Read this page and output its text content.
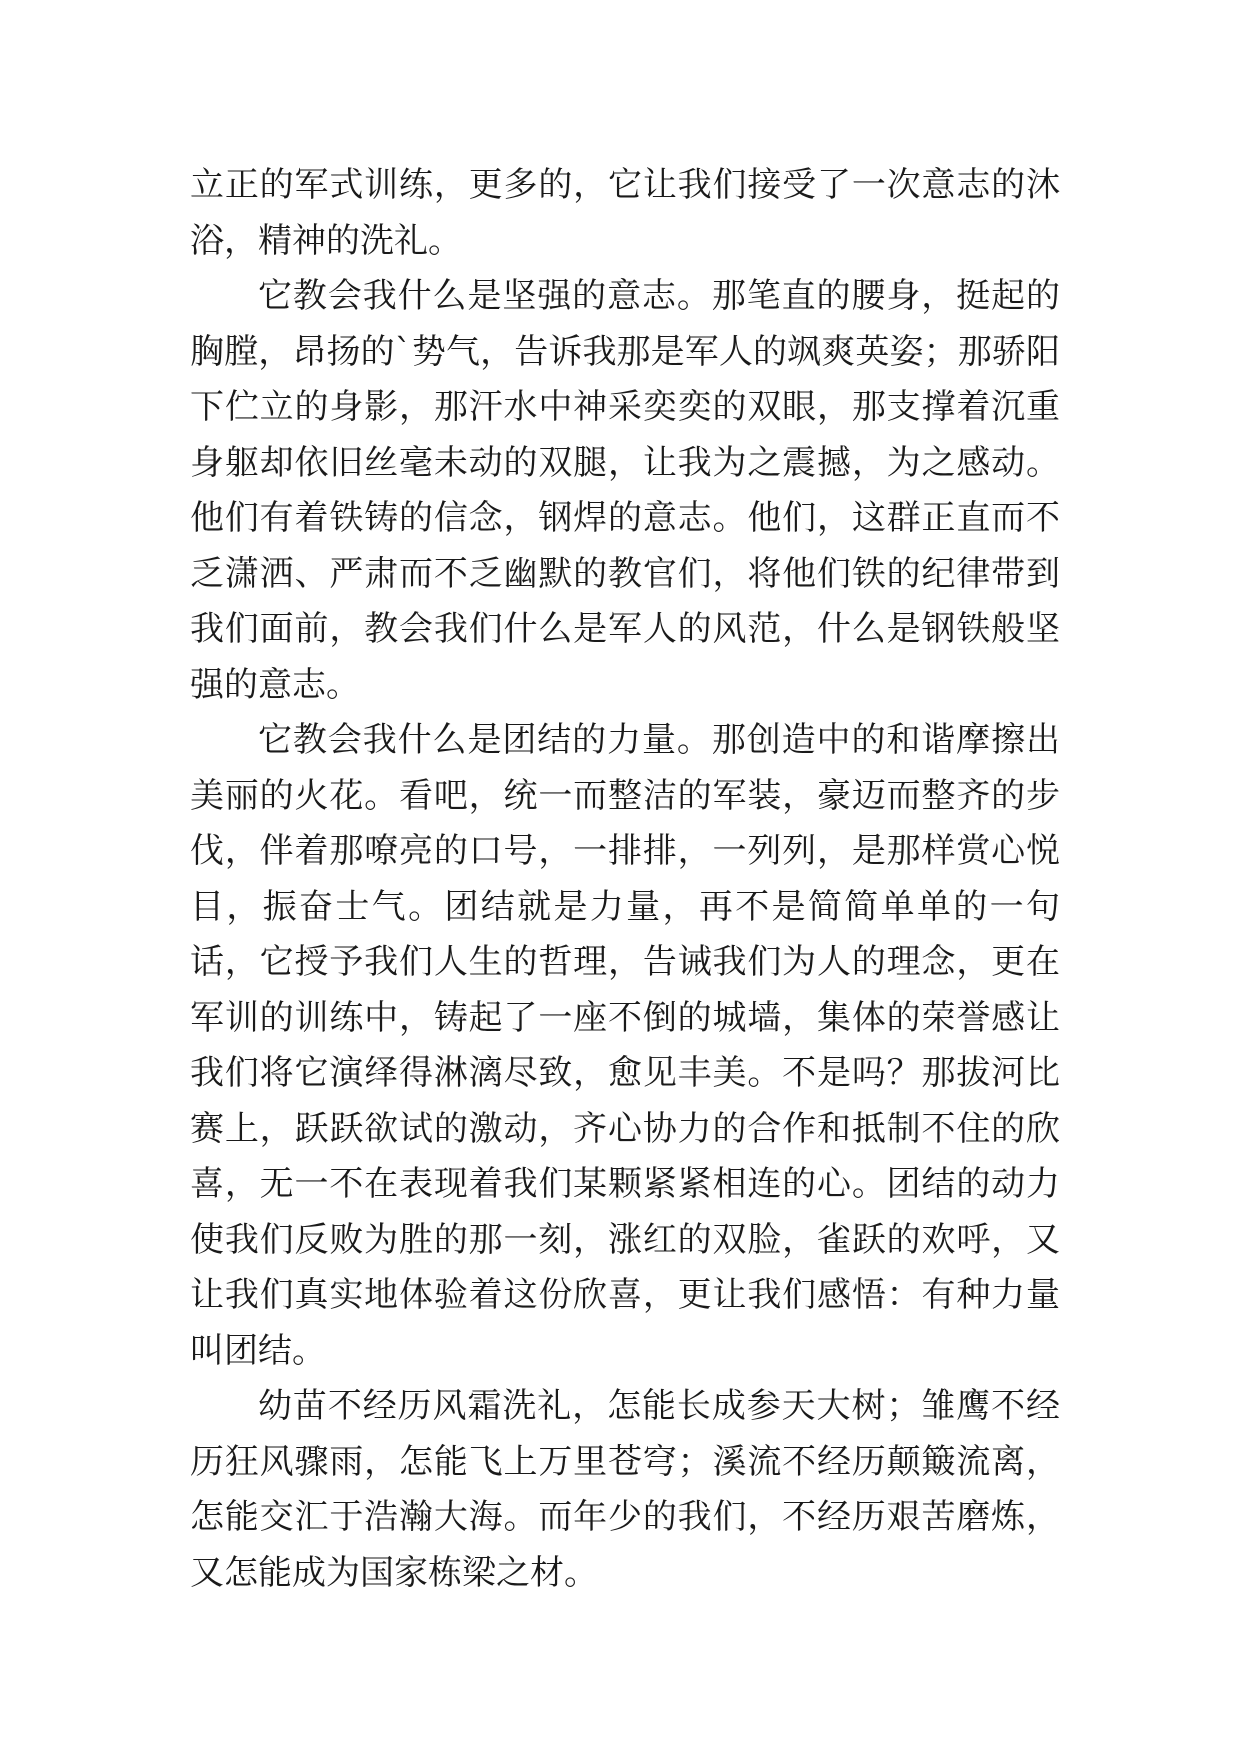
立正的军式训练，更多的，它让我们接受了一次意志的沐浴，精神的洗礼。

它教会我什么是坚强的意志。那笔直的腰身，挺起的胸膛，昂扬的`势气，告诉我那是军人的飒爽英姿；那骄阳下伫立的身影，那汗水中神采奕奕的双眼，那支撑着沉重身躯却依旧丝毫未动的双腿，让我为之震撼，为之感动。他们有着铁铸的信念，钢焊的意志。他们，这群正直而不乏潇洒、严肃而不乏幽默的教官们，将他们铁的纪律带到我们面前，教会我们什么是军人的风范，什么是钢铁般坚强的意志。

它教会我什么是团结的力量。那创造中的和谐摩擦出美丽的火花。看吧，统一而整洁的军装，豪迈而整齐的步伐，伴着那嘹亮的口号，一排排，一列列，是那样赏心悦目，振奋士气。团结就是力量，再不是简简单单的一句话，它授予我们人生的哲理，告诫我们为人的理念，更在军训的训练中，铸起了一座不倒的城墙，集体的荣誉感让我们将它演绎得淋漓尽致，愈见丰美。不是吗？那拔河比赛上，跃跃欲试的激动，齐心协力的合作和抵制不住的欣喜，无一不在表现着我们某颗紧紧相连的心。团结的动力使我们反败为胜的那一刻，涨红的双脸，雀跃的欢呼，又让我们真实地体验着这份欣喜，更让我们感悟：有种力量叫团结。

幼苗不经历风霜洗礼，怎能长成参天大树；雏鹰不经历狂风骤雨，怎能飞上万里苍穹；溪流不经历颠簸流离，怎能交汇于浩瀚大海。而年少的我们，不经历艰苦磨炼，又怎能成为国家栋梁之材。
